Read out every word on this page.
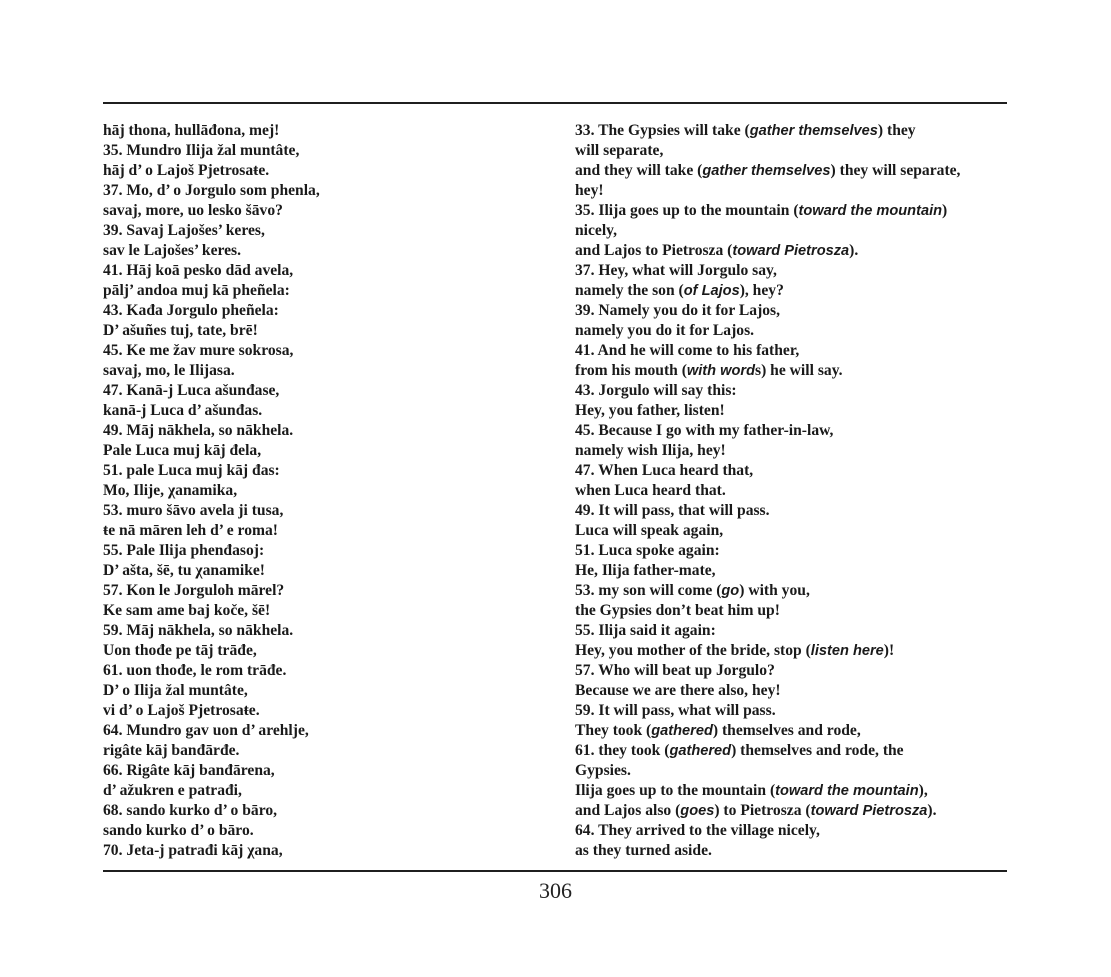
hāj thona, hullāđona, mej!
35. Mundro Ilija žal muntâte,
hāj d’ o Lajoš Pjetrosaŧe.
37. Mo, d’ o Jorgulo som phenla,
savaj, more, uo lesko šāvo?
39. Savaj Lajošes’ keres,
sav le Lajošes’ keres.
41. Hāj koā pesko dād avela,
pālj’ andoa muj kā pheñela:
43. Kađa Jorgulo pheñela:
D’ ašuñes tuj, tate, brē!
45. Ke me žav mure sokrosa,
savaj, mo, le Ilijasa.
47. Kanā-j Luca ašunđase,
kanā-j Luca d’ ašunđas.
49. Māj nākhela, so nākhela.
Pale Luca muj kāj đela,
51. pale Luca muj kāj đas:
Mo, Ilije, χanamika,
53. muro šāvo avela ji tusa,
ŧe nā māren leh d’ e roma!
55. Pale Ilija phenđasoj:
D’ ašta, šē, tu χanamike!
57. Kon le Jorguloh mārel?
Ke sam ame baj koče, šē!
59. Māj nākhela, so nākhela.
Uon thođe pe tāj trāđe,
61. uon thođe, le rom trāđe.
D’ o Ilija žal muntâte,
vi d’ o Lajoš Pjetrosaŧe.
64. Mundro gav uon d’ arehlje,
rigâte kāj banđārđe.
66. Rigâte kāj banđārena,
d’ ažukren e patrađi,
68. sando kurko d’ o bāro,
sando kurko d’ o bāro.
70. Jeta-j patrađi kāj χana,
33. The Gypsies will take (gather themselves) they
will separate,
and they will take (gather themselves) they will separate,
hey!
35. Ilija goes up to the mountain (toward the mountain)
nicely,
and Lajos to Pietrosza (toward Pietrosza).
37. Hey, what will Jorgulo say,
namely the son (of Lajos), hey?
39. Namely you do it for Lajos,
namely you do it for Lajos.
41. And he will come to his father,
from his mouth (with words) he will say.
43. Jorgulo will say this:
Hey, you father, listen!
45. Because I go with my father-in-law,
namely wish Ilija, hey!
47. When Luca heard that,
when Luca heard that.
49. It will pass, that will pass.
Luca will speak again,
51. Luca spoke again:
He, Ilija father-mate,
53. my son will come (go) with you,
the Gypsies don’t beat him up!
55. Ilija said it again:
Hey, you mother of the bride, stop (listen here)!
57. Who will beat up Jorgulo?
Because we are there also, hey!
59. It will pass, what will pass.
They took (gathered) themselves and rode,
61. they took (gathered) themselves and rode, the
Gypsies.
Ilija goes up to the mountain (toward the mountain),
and Lajos also (goes) to Pietrosza (toward Pietrosza).
64. They arrived to the village nicely,
as they turned aside.
306
